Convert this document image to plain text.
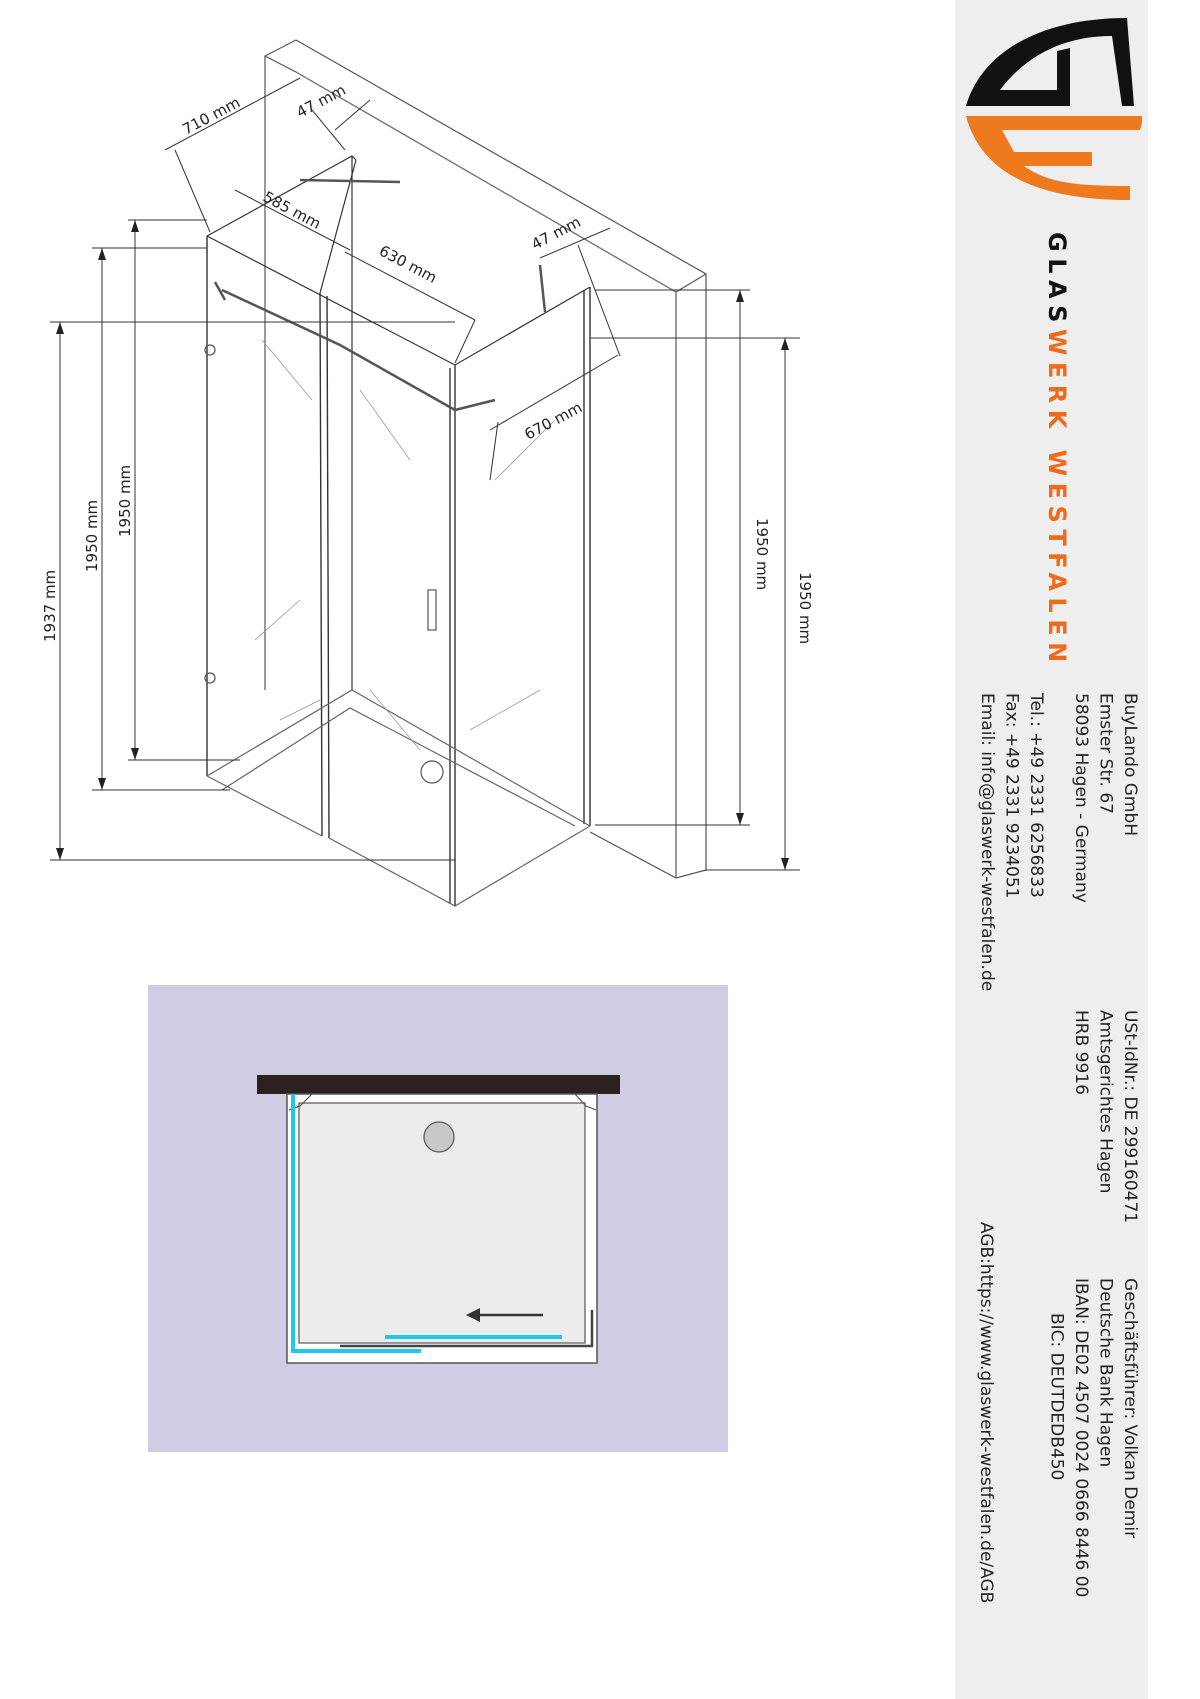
710 mm	47 mm
585 mm
630 mm
47 mm
670 mm
1937 mm
1950 mm 1950 mm
1950 mm
1950 mm
GLASWERK WESTFALEN
BuyLando GmbH
Emster Str. 67
58093 Hagen - Germany
Tel.: +49 2331 6256833
Fax: +49 2331 9234051
Email: info@glaswerk-westfalen.de
USt-IdNr.: DE 299160471
Amtsgerichtes Hagen
HRB 9916
Geschäftsführer: Volkan Demir
Deutsche Bank Hagen
IBAN: DE02 4507 0024 0666 8446 00
BIC: DEUTDEDB450
AGB:https://www.glaswerk-westfalen.de/AGB
